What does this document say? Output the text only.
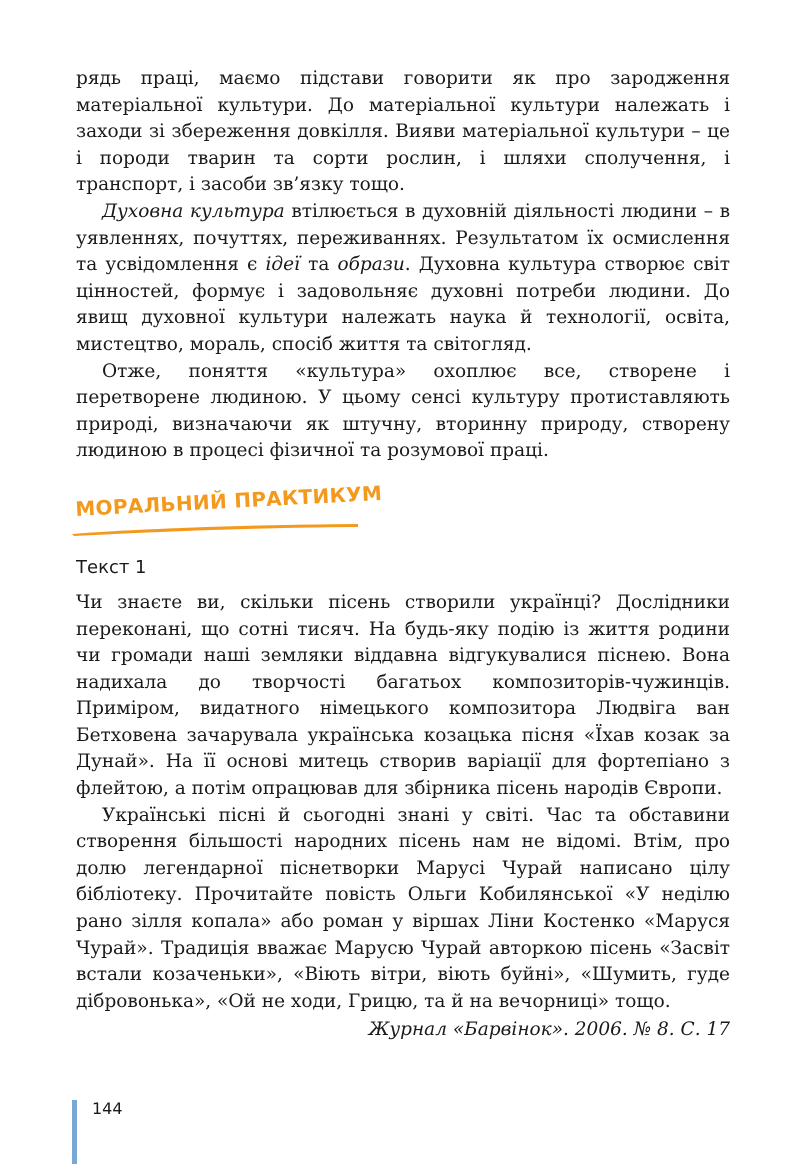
рядь праці, маємо підстави говорити як про зародження матеріальної культури. До матеріальної культури належать і заходи зі збереження довкілля. Вияви матеріальної культури – це і породи тварин та сорти рослин, і шляхи сполучення, і транспорт, і засоби зв’язку тощо.

Духовна культура втілюється в духовній діяльності людини – в уявленнях, почуттях, переживаннях. Результатом їх осмислення та усвідомлення є ідеї та образи. Духовна культура створює світ цінностей, формує і задовольняє духовні потреби людини. До явищ духовної культури належать наука й технології, освіта, мистецтво, мораль, спосіб життя та світогляд.

Отже, поняття «культура» охоплює все, створене і перетворене людиною. У цьому сенсі культуру протиставляють природі, визначаючи як штучну, вторинну природу, створену людиною в процесі фізичної та розумової праці.

МОРАЛЬНИЙ ПРАКТИКУМ
Текст 1

Чи знаєте ви, скільки пісень створили українці? Дослідники переконані, що сотні тисяч. На будь-яку подію із життя родини чи громади наші земляки віддавна відгукувалися піснею. Вона надихала до творчості багатьох композиторів-чужинців. Приміром, видатного німецького композитора Людвіга ван Бетховена зачарувала українська козацька пісня «Їхав козак за Дунай». На її основі митець створив варіації для фортепіано з флейтою, а потім опрацював для збірника пісень народів Європи.

Українські пісні й сьогодні знані у світі. Час та обставини створення більшості народних пісень нам не відомі. Втім, про долю легендарної піснетворки Марусі Чурай написано цілу бібліотеку. Прочитайте повість Ольги Кобилянської «У неділю рано зілля копала» або роман у віршах Ліни Костенко «Маруся Чурай». Традиція вважає Марусю Чурай авторкою пісень «Засвіт встали козаченьки», «Віють вітри, віють буйні», «Шумить, гуде дібровонька», «Ой не ходи, Грицю, та й на вечорниці» тощо.

Журнал «Барвінок». 2006. № 8. С. 17

144
